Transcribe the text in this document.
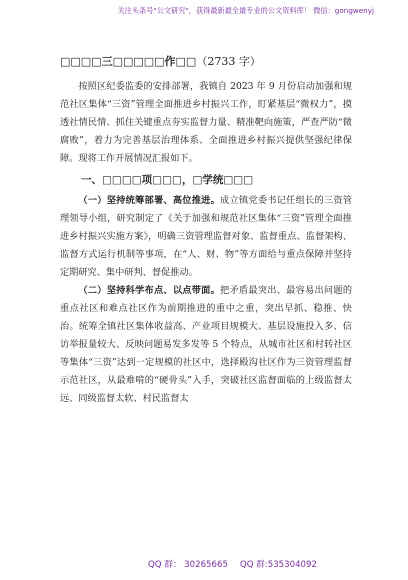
关注头条号"公文研究"，获得最新最全最专业的公文资料库！ 微信：gongwenyj
□□□□三□□□□□作□□（2733 字）

按照区纪委监委的安排部署，我镇自 2023 年 9 月份启动加强和规范社区集体“三资”管理全面推进乡村振兴工作，盯紧基层“微权力”，摸透社情民情、抓住关键重点夯实监督力量、精准靶向施策，严查严防“微腐败”，着力为完善基层治理体系、全面推进乡村振兴提供坚强纪律保障。现将工作开展情况汇报如下。

一、□□□□项□□□，□学统□□□

（一）坚持统筹部署、高位推进。成立镇党委书记任组长的三资管理领导小组，研究制定了《关于加强和规范社区集体“三资”管理全面推进乡村振兴实施方案》，明确三资管理监督对象、监督重点、监督架构、监督方式运行机制等事项，在“人、财、物”等方面给与重点保障并坚持定期研究、集中研判、督促推动。

（二）坚持科学布点、以点带面。把矛盾最突出、最容易出问题的重点社区和难点社区作为前期推进的重中之重，突出早抓、稳推、快治。统筹全镇社区集体收益高、产业项目规模大、基层设施投入多、信访举报量较大、反映问题易发多发等 5 个特点，从城市社区和村转社区等集体“三资”达到一定规模的社区中，选择殿沟社区作为三资管理监督示范社区，从最难啃的“硬骨头”入手，突破社区监督面临的上级监督太远、同级监督太软、村民监督太

QQ 群： 30265665 QQ 群:535304092
